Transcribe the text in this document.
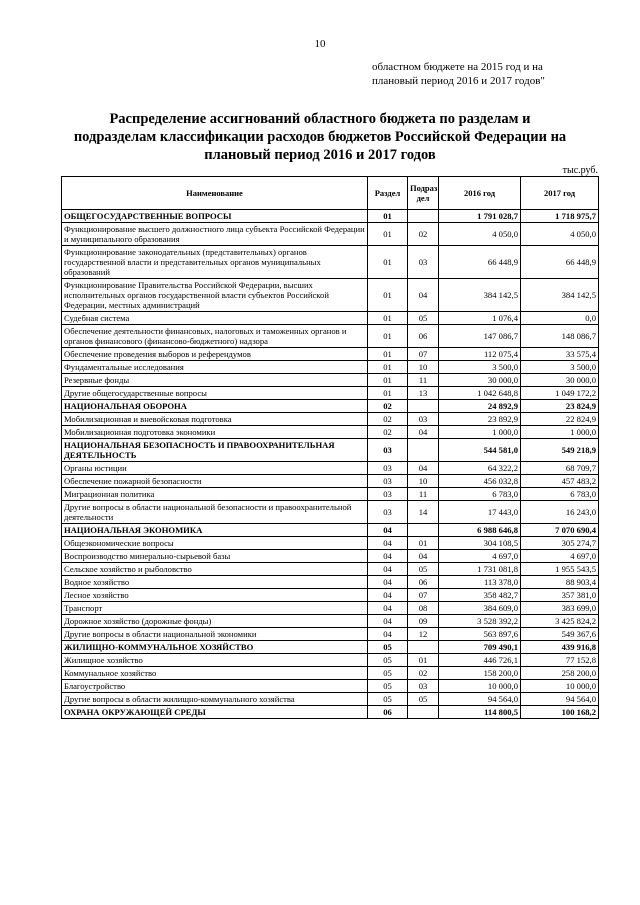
10
областном бюджете на 2015 год и на
плановый период 2016 и 2017 годов"
Распределение ассигнований областного бюджета по разделам и
подразделам классификации расходов бюджетов Российской Федерации на
плановый период 2016 и 2017 годов
тыс.руб.
Наименование	Раздел	Подраз дел	2016 год	2017 год
ОБЩЕГОСУДАРСТВЕННЫЕ ВОПРОСЫ	01		1 791 028,7	1 718 975,7
Функционирование высшего должностного лица субъекта Российской Федерации и муниципального образования	01	02	4 050,0	4 050,0
Функционирование законодательных (представительных) органов государственной власти и представительных органов муниципальных образований	01	03	66 448,9	66 448,9
Функционирование Правительства Российской Федерации, высших исполнительных органов государственной власти субъектов Российской Федерации, местных администраций	01	04	384 142,5	384 142,5
Судебная система	01	05	1 076,4	0,0
Обеспечение деятельности финансовых, налоговых и таможенных органов и органов финансового (финансово-бюджетного) надзора	01	06	147 086,7	148 086,7
Обеспечение проведения выборов и референдумов	01	07	112 075,4	33 575,4
Фундаментальные исследования	01	10	3 500,0	3 500,0
Резервные фонды	01	11	30 000,0	30 000,0
Другие общегосударственные вопросы	01	13	1 042 648,8	1 049 172,2
НАЦИОНАЛЬНАЯ ОБОРОНА	02		24 892,9	23 824,9
Мобилизационная и вневойсковая подготовка	02	03	23 892,9	22 824,9
Мобилизационная подготовка экономики	02	04	1 000,0	1 000,0
НАЦИОНАЛЬНАЯ БЕЗОПАСНОСТЬ И ПРАВООХРАНИТЕЛЬНАЯ ДЕЯТЕЛЬНОСТЬ	03		544 581,0	549 218,9
Органы юстиции	03	04	64 322,2	68 709,7
Обеспечение пожарной безопасности	03	10	456 032,8	457 483,2
Миграционная политика	03	11	6 783,0	6 783,0
Другие вопросы в области национальной безопасности и правоохранительной деятельности	03	14	17 443,0	16 243,0
НАЦИОНАЛЬНАЯ ЭКОНОМИКА	04		6 988 646,8	7 070 690,4
Общеэкономические вопросы	04	01	304 108,5	305 274,7
Воспроизводство минерально-сырьевой базы	04	04	4 697,0	4 697,0
Сельское хозяйство и рыболовство	04	05	1 731 081,8	1 955 543,5
Водное хозяйство	04	06	113 378,0	88 903,4
Лесное хозяйство	04	07	358 482,7	357 381,0
Транспорт	04	08	384 609,0	383 699,0
Дорожное хозяйство (дорожные фонды)	04	09	3 528 392,2	3 425 824,2
Другие вопросы в области национальной экономики	04	12	563 897,6	549 367,6
ЖИЛИЩНО-КОММУНАЛЬНОЕ ХОЗЯЙСТВО	05		709 490,1	439 916,8
Жилищное хозяйство	05	01	446 726,1	77 152,8
Коммунальное хозяйство	05	02	158 200,0	258 200,0
Благоустройство	05	03	10 000,0	10 000,0
Другие вопросы в области жилищно-коммунального хозяйства	05	05	94 564,0	94 564,0
ОХРАНА ОКРУЖАЮЩЕЙ СРЕДЫ	06		114 800,5	100 168,2
